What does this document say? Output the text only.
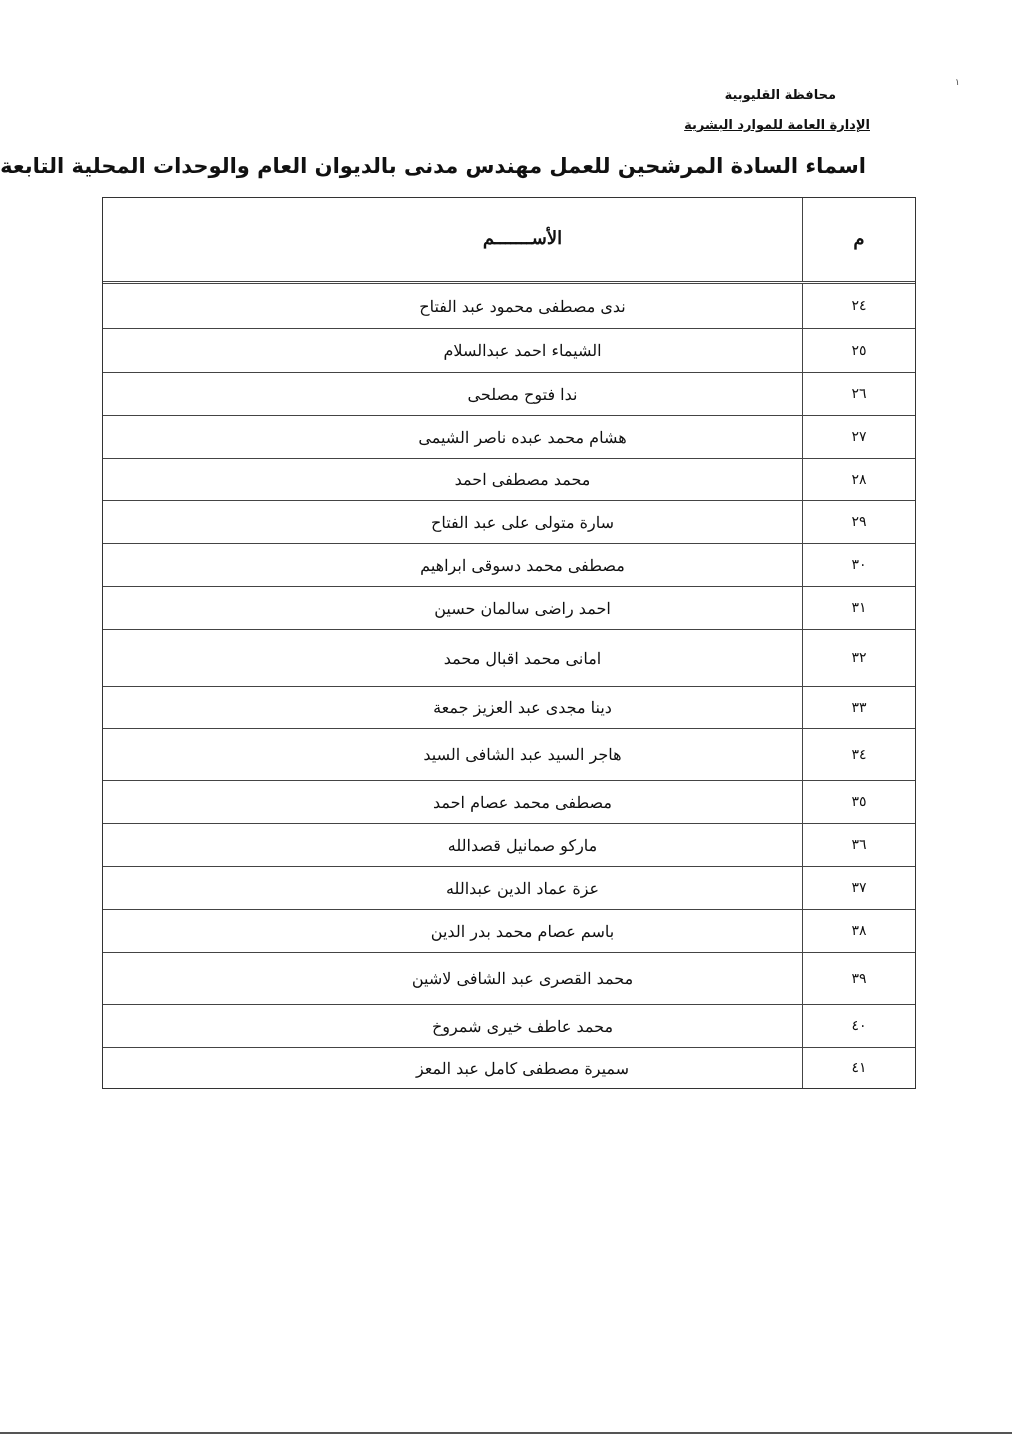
١
محافظة القليوبية
الإدارة العامة للموارد البشرية
اسماء السادة المرشحين للعمل مهندس مدنى بالديوان العام والوحدات المحلية التابعة
م
الأســـــــم
٢٤
ندى مصطفى محمود عبد الفتاح
٢٥
الشيماء احمد عبدالسلام
٢٦
ندا فتوح مصلحى
٢٧
هشام محمد عبده ناصر الشيمى
٢٨
محمد مصطفى احمد
٢٩
سارة متولى على عبد الفتاح
٣٠
مصطفى محمد دسوقى ابراهيم
٣١
احمد راضى سالمان حسين
٣٢
امانى محمد اقبال محمد
٣٣
دينا مجدى عبد العزيز جمعة
٣٤
هاجر السيد عبد الشافى السيد
٣٥
مصطفى محمد عصام احمد
٣٦
ماركو صمانيل قصدالله
٣٧
عزة عماد الدين عبدالله
٣٨
باسم عصام محمد بدر الدين
٣٩
محمد القصرى عبد الشافى لاشين
٤٠
محمد عاطف خيرى شمروخ
٤١
سميرة مصطفى كامل عبد المعز
